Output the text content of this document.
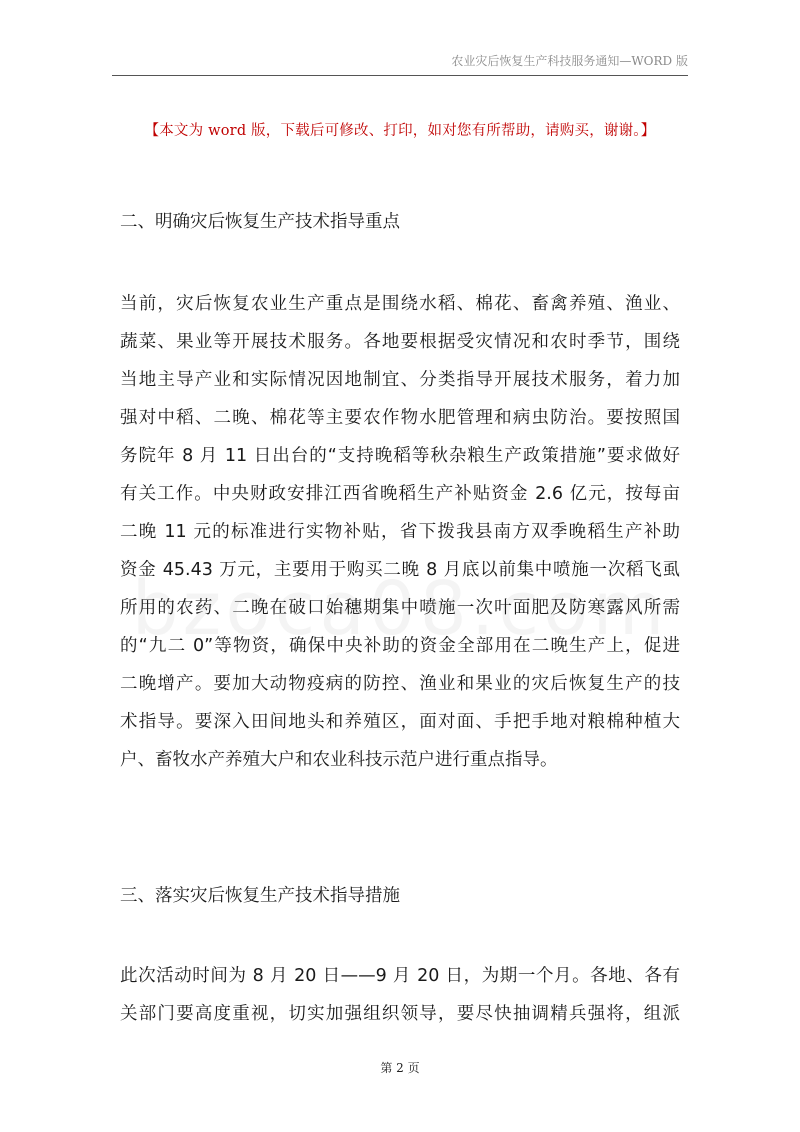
农业灾后恢复生产科技服务通知—WORD 版
【本文为 word 版，下载后可修改、打印，如对您有所帮助，请购买，谢谢。】
二、明确灾后恢复生产技术指导重点
当前，灾后恢复农业生产重点是围绕水稻、棉花、畜禽养殖、渔业、
蔬菜、果业等开展技术服务。各地要根据受灾情况和农时季节，围绕
当地主导产业和实际情况因地制宜、分类指导开展技术服务，着力加
强对中稻、二晚、棉花等主要农作物水肥管理和病虫防治。要按照国
务院年 8 月 11 日出台的“支持晚稻等秋杂粮生产政策措施”要求做好
有关工作。中央财政安排江西省晚稻生产补贴资金 2.6 亿元，按每亩
二晚 11 元的标准进行实物补贴，省下拨我县南方双季晚稻生产补助
资金 45.43 万元，主要用于购买二晚 8 月底以前集中喷施一次稻飞虱
所用的农药、二晚在破口始穗期集中喷施一次叶面肥及防寒露风所需
的“九二 0”等物资，确保中央补助的资金全部用在二晚生产上，促进
二晚增产。要加大动物疫病的防控、渔业和果业的灾后恢复生产的技
术指导。要深入田间地头和养殖区，面对面、手把手地对粮棉种植大
户、畜牧水产养殖大户和农业科技示范户进行重点指导。
三、落实灾后恢复生产技术指导措施
此次活动时间为 8 月 20 日——9 月 20 日，为期一个月。各地、各有
关部门要高度重视，切实加强组织领导，要尽快抽调精兵强将，组派
第 2 页
